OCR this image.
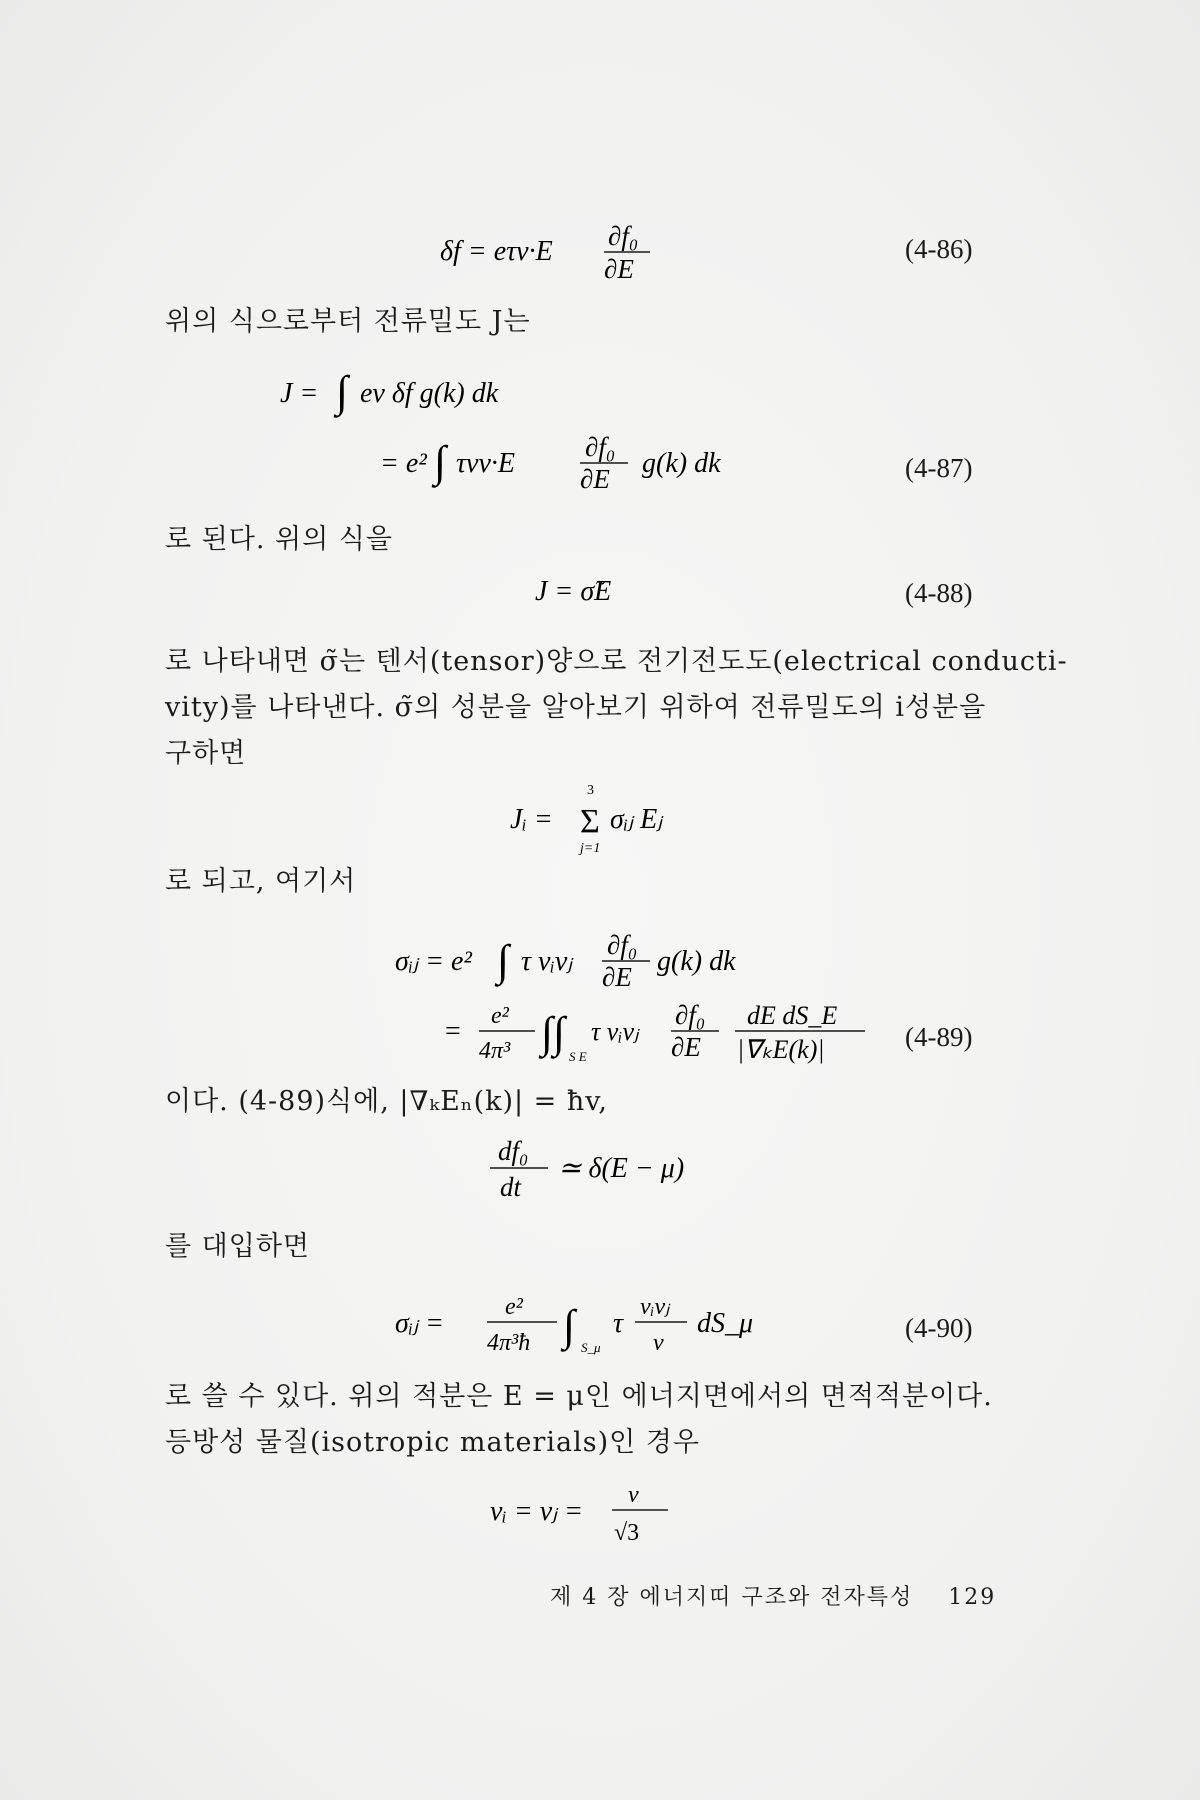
δf = eτv·E ∂f₀
∂E
(4-86)
위의 식으로부터 전류밀도 J는
J = ∫ ev δf g(k) dk
= e² ∫ τvv·E
∂f₀
∂E g(k) dk	(4-87)
로 된다. 위의 식을
J = σ̃E	(4-88)
로 나타내면 σ̃는 텐서(tensor)양으로 전기전도도(electrical conducti-
vity)를 나타낸다. σ̃의 성분을 알아보기 위하여 전류밀도의 i성분을
구하면
Jᵢ =
3
Σ
j=1
σᵢⱼ Eⱼ
로 되고, 여기서
σᵢⱼ = e² ∫ τ vᵢvⱼ
∂f₀
∂E g(k) dk
= e²
4π³ ∫∫ S E
τ vᵢvⱼ
∂f₀
∂E
dE dS_E
|∇ₖE(k)|	(4-89)
이다. (4-89)식에, |∇ₖEₙ(k)| = ħv,
df₀
dt
≃ δ(E − μ)
를 대입하면
σᵢⱼ =
e²
4π³ħ ∫ S_μ
τ
vᵢvⱼ
v
dS_μ	(4-90)
로 쓸 수 있다. 위의 적분은 E = μ인 에너지면에서의 면적적분이다.
등방성 물질(isotropic materials)인 경우
vᵢ = vⱼ =
v
√3
제 4 장 에너지띠 구조와 전자특성 129
